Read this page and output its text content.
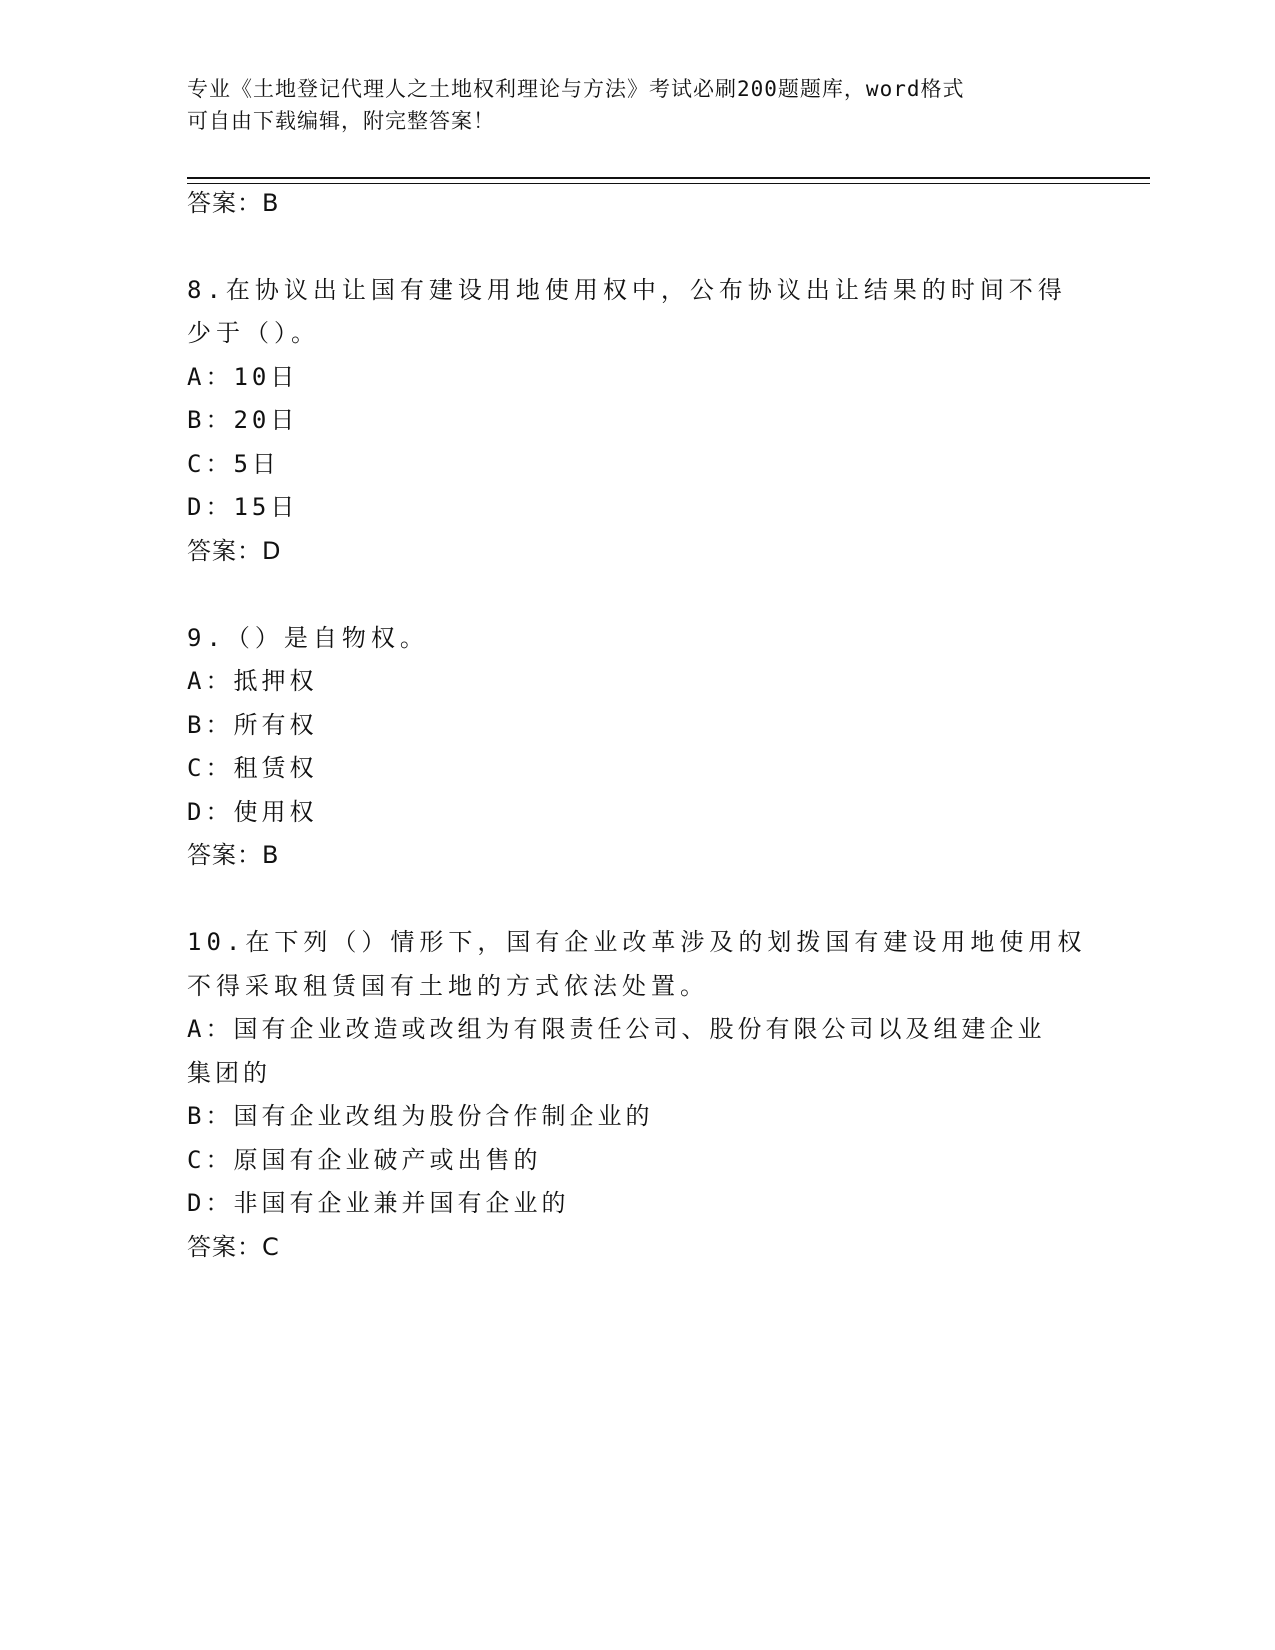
专业《土地登记代理人之土地权利理论与方法》考试必刷200题题库，word格式
可自由下载编辑，附完整答案！
答案：B
8.在协议出让国有建设用地使用权中，公布协议出让结果的时间不得
少于（）。
A：10日
B：20日
C：5日
D：15日
答案：D
9.（）是自物权。
A：抵押权
B：所有权
C：租赁权
D：使用权
答案：B
10.在下列（）情形下，国有企业改革涉及的划拨国有建设用地使用权
不得采取租赁国有土地的方式依法处置。
A：国有企业改造或改组为有限责任公司、股份有限公司以及组建企业
集团的
B：国有企业改组为股份合作制企业的
C：原国有企业破产或出售的
D：非国有企业兼并国有企业的
答案：C
